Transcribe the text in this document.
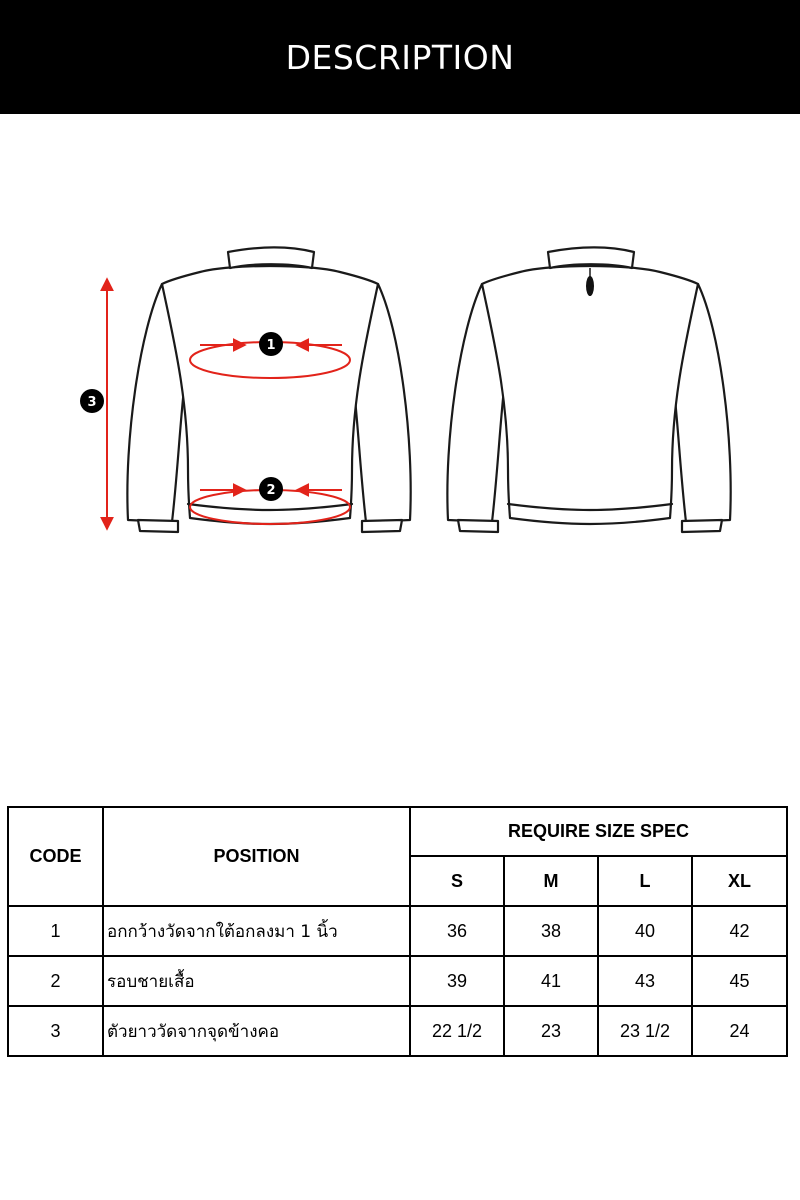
DESCRIPTION
1
2
3
CODE	POSITION	REQUIRE SIZE SPEC			
		S	M	L	XL
1	อกกว้างวัดจากใต้อกลงมา 1 นิ้ว	36	38	40	42
2	รอบชายเสื้อ	39	41	43	45
3	ตัวยาววัดจากจุดข้างคอ	22 1/2	23	23 1/2	24
